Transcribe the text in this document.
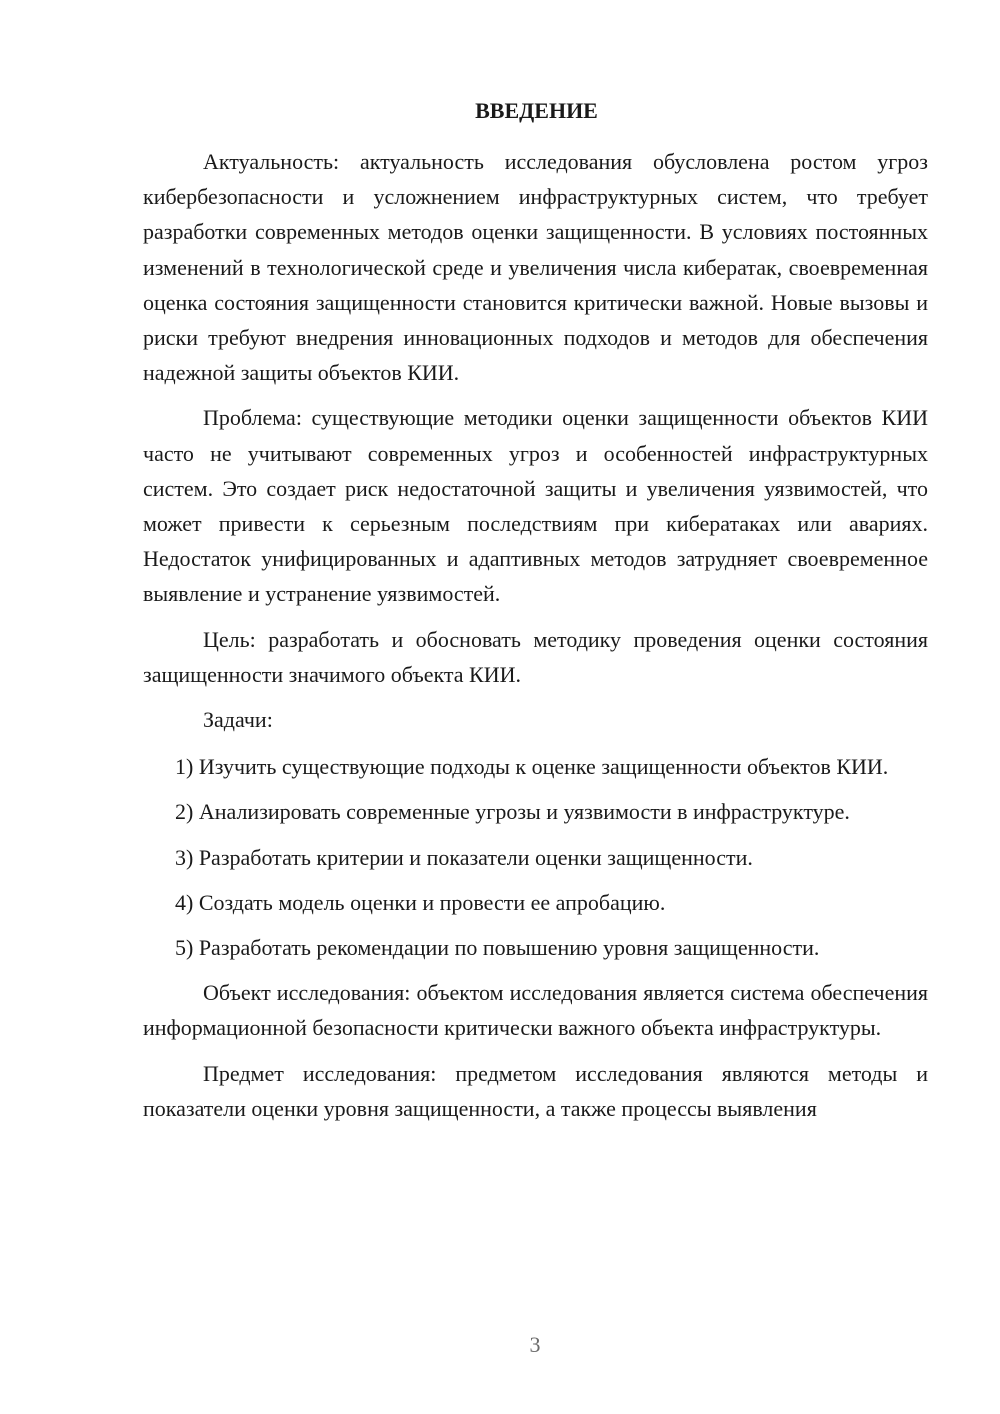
ВВЕДЕНИЕ

Актуальность: актуальность исследования обусловлена ростом угроз кибербезопасности и усложнением инфраструктурных систем, что требует разработки современных методов оценки защищенности. В условиях постоянных изменений в технологической среде и увеличения числа кибератак, своевременная оценка состояния защищенности становится критически важной. Новые вызовы и риски требуют внедрения инновационных подходов и методов для обеспечения надежной защиты объектов КИИ.

Проблема: существующие методики оценки защищенности объектов КИИ часто не учитывают современных угроз и особенностей инфраструктурных систем. Это создает риск недостаточной защиты и увеличения уязвимостей, что может привести к серьезным последствиям при кибератаках или авариях. Недостаток унифицированных и адаптивных методов затрудняет своевременное выявление и устранение уязвимостей.

Цель: разработать и обосновать методику проведения оценки состояния защищенности значимого объекта КИИ.

Задачи:

1) Изучить существующие подходы к оценке защищенности объектов КИИ.

2) Анализировать современные угрозы и уязвимости в инфраструктуре.

3) Разработать критерии и показатели оценки защищенности.

4) Создать модель оценки и провести ее апробацию.

5) Разработать рекомендации по повышению уровня защищенности.

Объект исследования: объектом исследования является система обеспечения информационной безопасности критически важного объекта инфраструктуры.

Предмет исследования: предметом исследования являются методы и показатели оценки уровня защищенности, а также процессы выявления

3
